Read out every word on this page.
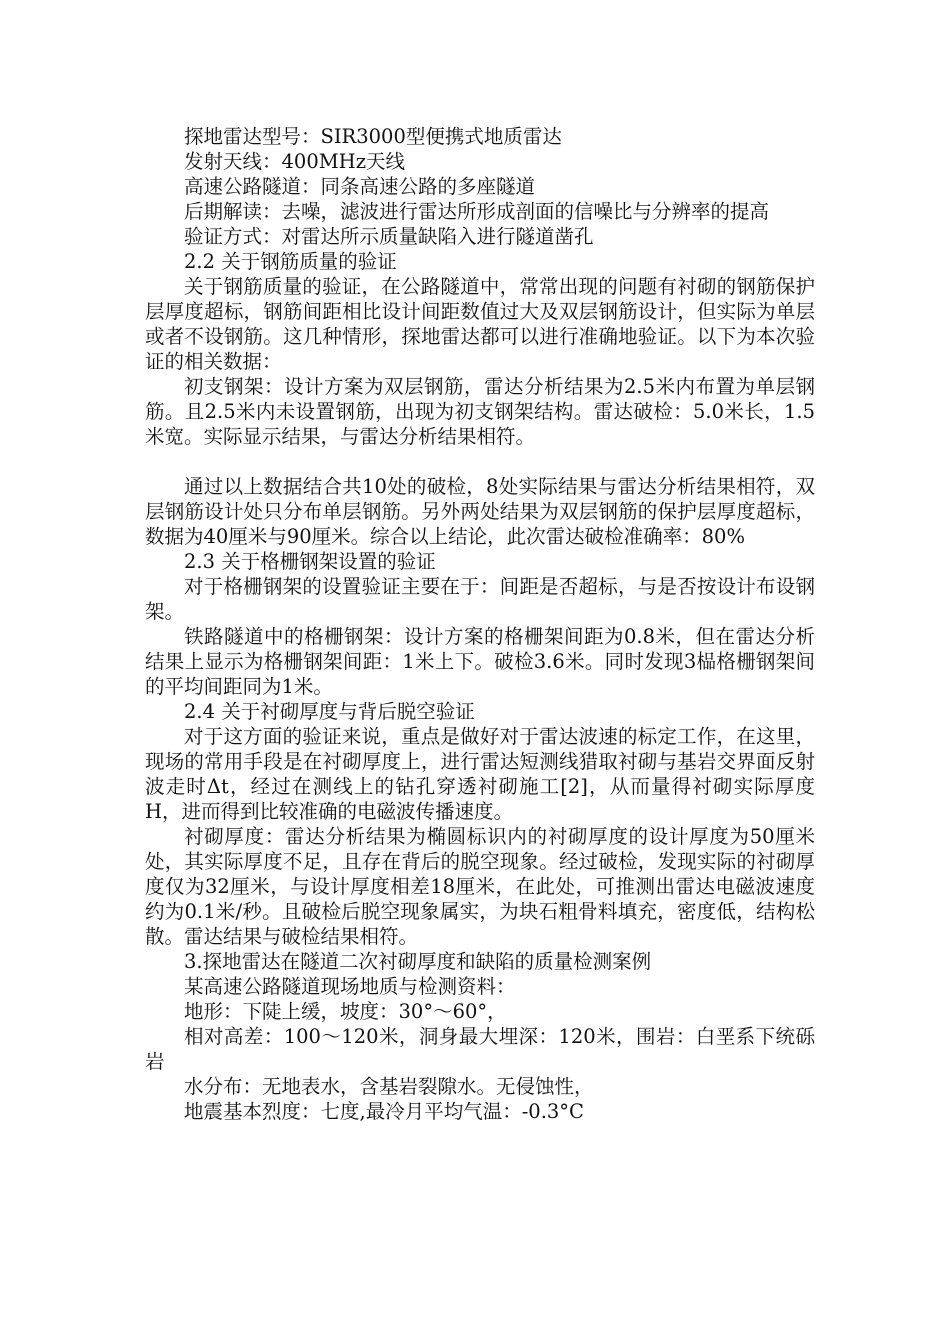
探地雷达型号：SIR3000型便携式地质雷达

发射天线：400MHz天线

高速公路隧道：同条高速公路的多座隧道

后期解读：去噪，滤波进行雷达所形成剖面的信噪比与分辨率的提高

验证方式：对雷达所示质量缺陷入进行隧道凿孔

2.2 关于钢筋质量的验证

关于钢筋质量的验证，在公路隧道中，常常出现的问题有衬砌的钢筋保护层厚度超标，钢筋间距相比设计间距数值过大及双层钢筋设计，但实际为单层或者不设钢筋。这几种情形，探地雷达都可以进行准确地验证。以下为本次验证的相关数据：

初支钢架：设计方案为双层钢筋，雷达分析结果为2.5米内布置为单层钢筋。且2.5米内未设置钢筋，出现为初支钢架结构。雷达破检：5.0米长，1.5米宽。实际显示结果，与雷达分析结果相符。

通过以上数据结合共10处的破检，8处实际结果与雷达分析结果相符，双层钢筋设计处只分布单层钢筋。另外两处结果为双层钢筋的保护层厚度超标，数据为40厘米与90厘米。综合以上结论，此次雷达破检准确率：80%

2.3 关于格栅钢架设置的验证

对于格栅钢架的设置验证主要在于：间距是否超标，与是否按设计布设钢架。

铁路隧道中的格栅钢架：设计方案的格栅架间距为0.8米，但在雷达分析结果上显示为格栅钢架间距：1米上下。破检3.6米。同时发现3榀格栅钢架间的平均间距同为1米。

2.4 关于衬砌厚度与背后脱空验证

对于这方面的验证来说，重点是做好对于雷达波速的标定工作，在这里，现场的常用手段是在衬砌厚度上，进行雷达短测线猎取衬砌与基岩交界面反射波走时Δt，经过在测线上的钻孔穿透衬砌施工[2]，从而量得衬砌实际厚度H，进而得到比较准确的电磁波传播速度。

衬砌厚度：雷达分析结果为椭圆标识内的衬砌厚度的设计厚度为50厘米处，其实际厚度不足，且存在背后的脱空现象。经过破检，发现实际的衬砌厚度仅为32厘米，与设计厚度相差18厘米，在此处，可推测出雷达电磁波速度约为0.1米/秒。且破检后脱空现象属实，为块石粗骨料填充，密度低，结构松散。雷达结果与破检结果相符。

3.探地雷达在隧道二次衬砌厚度和缺陷的质量检测案例

某高速公路隧道现场地质与检测资料：

地形：下陡上缓，坡度：30°～60°，

相对高差：100～120米，洞身最大埋深：120米，围岩：白垩系下统砾岩

水分布：无地表水，含基岩裂隙水。无侵蚀性，

地震基本烈度：七度,最冷月平均气温：-0.3°C
